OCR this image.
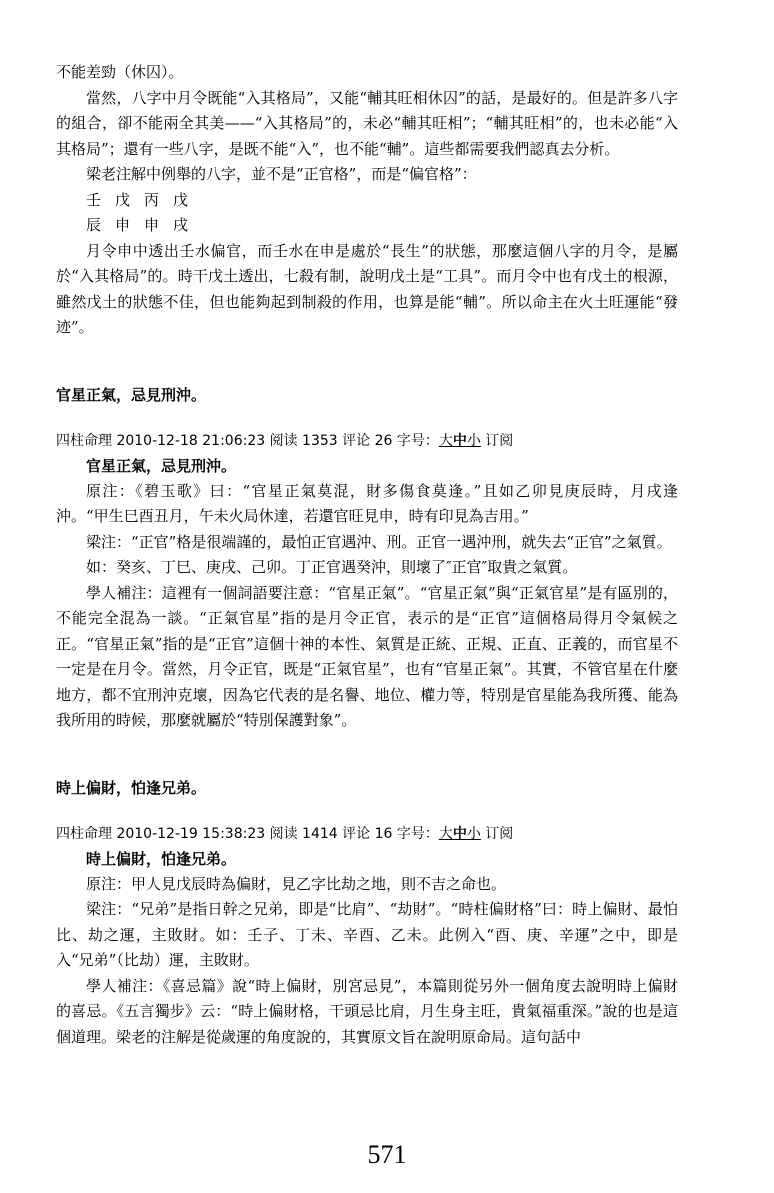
不能差勁（休囚）。

當然，八字中月令既能“入其格局”，又能“輔其旺相休囚”的話，是最好的。但是許多八字的組合，卻不能兩全其美——“入其格局”的，未必“輔其旺相”；“輔其旺相”的，也未必能“入其格局”；還有一些八字，是既不能“入”，也不能“輔”。這些都需要我們認真去分析。

梁老注解中例舉的八字，並不是“正官格”，而是“偏官格”：

壬戊丙戊

辰申申戌

月令申中透出壬水偏官，而壬水在申是處於“長生”的狀態，那麼這個八字的月令，是屬於“入其格局”的。時干戊土透出，七殺有制，說明戊土是“工具”。而月令中也有戊土的根源，雖然戊土的狀態不佳，但也能夠起到制殺的作用，也算是能“輔”。所以命主在火土旺運能“發迹”。

官星正氣，忌見刑沖。
四柱命理 2010-12-18 21:06:23 阅读 1353 评论 26 字号：大中小 订阅
官星正氣，忌見刑沖。

原注：《碧玉歌》曰：“官星正氣莫混，財多傷食莫逢。”且如乙卯見庚辰時，月戌逢沖。“甲生巳酉丑月，午未火局休達，若還官旺見申，時有印見為吉用。”

梁注：“正官”格是很端謹的，最怕正官遇沖、刑。正官一遇沖刑，就失去“正官”之氣質。

如：癸亥、丁巳、庚戌、己卯。丁正官遇癸沖，則壞了″正官″取貴之氣質。

學人補注：這裡有一個詞語要注意：“官星正氣”。“官星正氣”與“正氣官星”是有區別的，不能完全混為一談。“正氣官星”指的是月令正官，表示的是“正官”這個格局得月令氣候之正。“官星正氣”指的是“正官”這個十神的本性、氣質是正統、正規、正直、正義的，而官星不一定是在月令。當然，月令正官，既是“正氣官星”，也有“官星正氣”。其實，不管官星在什麼地方，都不宜刑沖克壞，因為它代表的是名譽、地位、權力等，特別是官星能為我所獲、能為我所用的時候，那麼就屬於“特別保護對象”。

時上偏財，怕逢兄弟。
四柱命理 2010-12-19 15:38:23 阅读 1414 评论 16 字号：大中小 订阅
時上偏財，怕逢兄弟。

原注：甲人見戊辰時為偏財，見乙字比劫之地，則不吉之命也。

梁注：“兄弟”是指日幹之兄弟，即是“比肩”、“劫財”。“時柱偏財格”曰：時上偏財、最怕比、劫之運，主敗財。如：壬子、丁未、辛酉、乙未。此例入“酉、庚、辛運”之中，即是入“兄弟”（比劫）運，主敗財。

學人補注：《喜忌篇》說“時上偏財，別宮忌見”，本篇則從另外一個角度去說明時上偏財的喜忌。《五言獨步》云：“時上偏財格，干頭忌比肩，月生身主旺，貴氣福重深。”說的也是這個道理。梁老的注解是從歲運的角度說的，其實原文旨在說明原命局。這句話中

571
